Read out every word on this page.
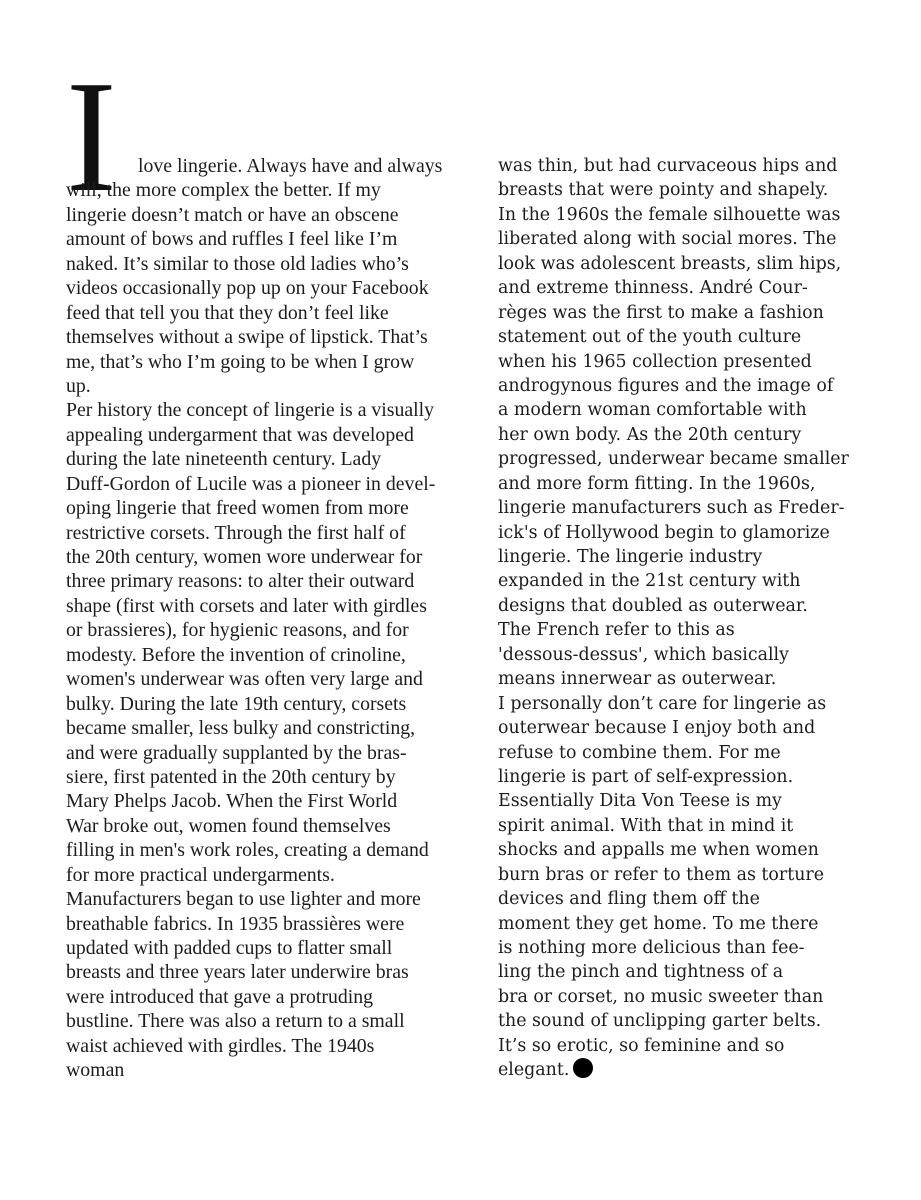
I	love lingerie. Always have and always
will, the more complex the better. If my
lingerie doesn’t match or have an obscene
amount of bows and ruffles I feel like I’m
naked. It’s similar to those old ladies who’s
videos occasionally pop up on your Facebook
feed that tell you that they don’t feel like
themselves without a swipe of lipstick. That’s
me, that’s who I’m going to be when I grow
up.
Per history the concept of lingerie is a visually
appealing undergarment that was developed
during the late nineteenth century. Lady
Duff-Gordon of Lucile was a pioneer in devel-
oping lingerie that freed women from more
restrictive corsets. Through the first half of
the 20th century, women wore underwear for
three primary reasons: to alter their outward
shape (first with corsets and later with girdles
or brassieres), for hygienic reasons, and for
modesty. Before the invention of crinoline,
women's underwear was often very large and
bulky. During the late 19th century, corsets
became smaller, less bulky and constricting,
and were gradually supplanted by the bras-
siere, first patented in the 20th century by
Mary Phelps Jacob. When the First World
War broke out, women found themselves
filling in men's work roles, creating a demand
for more practical undergarments.
Manufacturers began to use lighter and more
breathable fabrics. In 1935 brassières were
updated with padded cups to flatter small
breasts and three years later underwire bras
were introduced that gave a protruding
bustline. There was also a return to a small
waist achieved with girdles. The 1940s
woman
was thin, but had curvaceous hips and
breasts that were pointy and shapely.
In the 1960s the female silhouette was
liberated along with social mores. The
look was adolescent breasts, slim hips,
and extreme thinness. André Cour-
règes was the first to make a fashion
statement out of the youth culture
when his 1965 collection presented
androgynous figures and the image of
a modern woman comfortable with
her own body. As the 20th century
progressed, underwear became smaller
and more form fitting. In the 1960s,
lingerie manufacturers such as Freder-
ick's of Hollywood begin to glamorize
lingerie. The lingerie industry
expanded in the 21st century with
designs that doubled as outerwear.
The French refer to this as
'dessous-dessus', which basically
means innerwear as outerwear.
I personally don’t care for lingerie as
outerwear because I enjoy both and
refuse to combine them. For me
lingerie is part of self-expression.
Essentially Dita Von Teese is my
spirit animal. With that in mind it
shocks and appalls me when women
burn bras or refer to them as torture
devices and fling them off the
moment they get home. To me there
is nothing more delicious than fee-
ling the pinch and tightness of a
bra or corset, no music sweeter than
the sound of unclipping garter belts.
It’s so erotic, so feminine and so
elegant.
